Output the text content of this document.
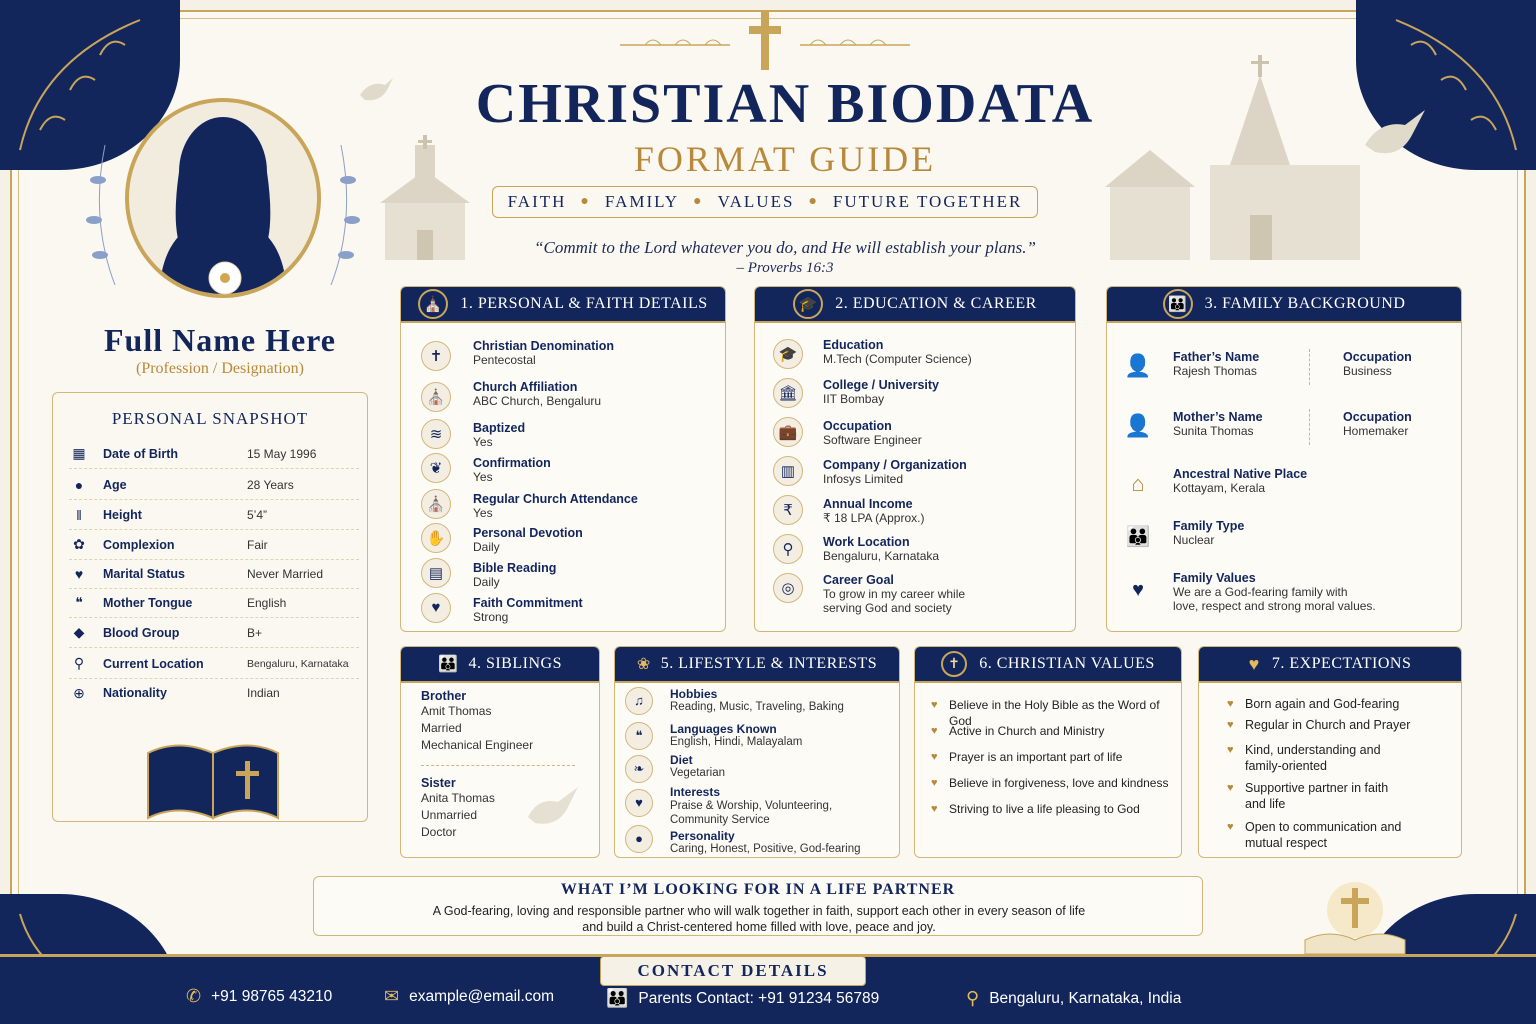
CHRISTIAN BIODATA
FORMAT GUIDE
FAITH ● FAMILY ● VALUES ● FUTURE TOGETHER
“Commit to the Lord whatever you do, and He will establish your plans.”
– Proverbs 16:3
Full Name Here
(Profession / Designation)
PERSONAL SNAPSHOT
▦	Date of Birth	15 May 1996
●	Age	28 Years
‖	Height	5’4”
✿	Complexion	Fair
♥	Marital Status	Never Married
❝	Mother Tongue	English
◆	Blood Group	B+
⚲	Current Location	Bengaluru, Karnataka
⊕	Nationality	Indian
⛪	1. PERSONAL & FAITH DETAILS
✝
Christian Denomination
Pentecostal
⛪
Church Affiliation
ABC Church, Bengaluru
≋	Baptized
Yes
❦	Confirmation
Yes
⛪	Regular Church Attendance
Yes
✋	Personal Devotion
Daily
▤	Bible Reading
Daily
♥	Faith Commitment
Strong
🎓	2. EDUCATION & CAREER
🎓
Education
M.Tech (Computer Science)
🏛
College / University
IIT Bombay
💼	Occupation
Software Engineer
▥	Company / Organization
Infosys Limited
₹	Annual Income
₹ 18 LPA (Approx.)
⚲	Work Location
Bengaluru, Karnataka
◎
Career Goal
To grow in my career while
serving God and society
👪	3. FAMILY BACKGROUND
👤 Father’s Name
Rajesh Thomas
Occupation
Business
👤 Mother’s Name
Sunita Thomas
Occupation
Homemaker
⌂	Ancestral Native Place
Kottayam, Kerala
👪 Family Type
Nuclear
♥
Family Values
We are a God-fearing family with
love, respect and strong moral values.
👪 4. SIBLINGS
Brother
Amit Thomas
Married
Mechanical Engineer
Sister
Anita Thomas
Unmarried
Doctor
❀ 5. LIFESTYLE & INTERESTS
♫	Hobbies
Reading, Music, Traveling, Baking
❝	Languages Known
English, Hindi, Malayalam
❧
Diet
Vegetarian
♥
Interests
Praise & Worship, Volunteering,
Community Service
●	Personality
Caring, Honest, Positive, God-fearing
✝	6. CHRISTIAN VALUES
♥ Believe in the Holy Bible as the Word of God
♥ Active in Church and Ministry
♥ Prayer is an important part of life
♥ Believe in forgiveness, love and kindness
♥ Striving to live a life pleasing to God
♥ 7. EXPECTATIONS
♥ Born again and God-fearing
♥ Regular in Church and Prayer
♥ Kind, understanding and
family-oriented
♥ Supportive partner in faith
and life
♥ Open to communication and
mutual respect
WHAT I’M LOOKING FOR IN A LIFE PARTNER
A God-fearing, loving and responsible partner who will walk together in faith, support each other in every season of life
and build a Christ-centered home filled with love, peace and joy.
CONTACT DETAILS
✆ +91 98765 43210	✉ example@email.com	👪 Parents Contact: +91 91234 56789	⚲ Bengaluru, Karnataka, India
